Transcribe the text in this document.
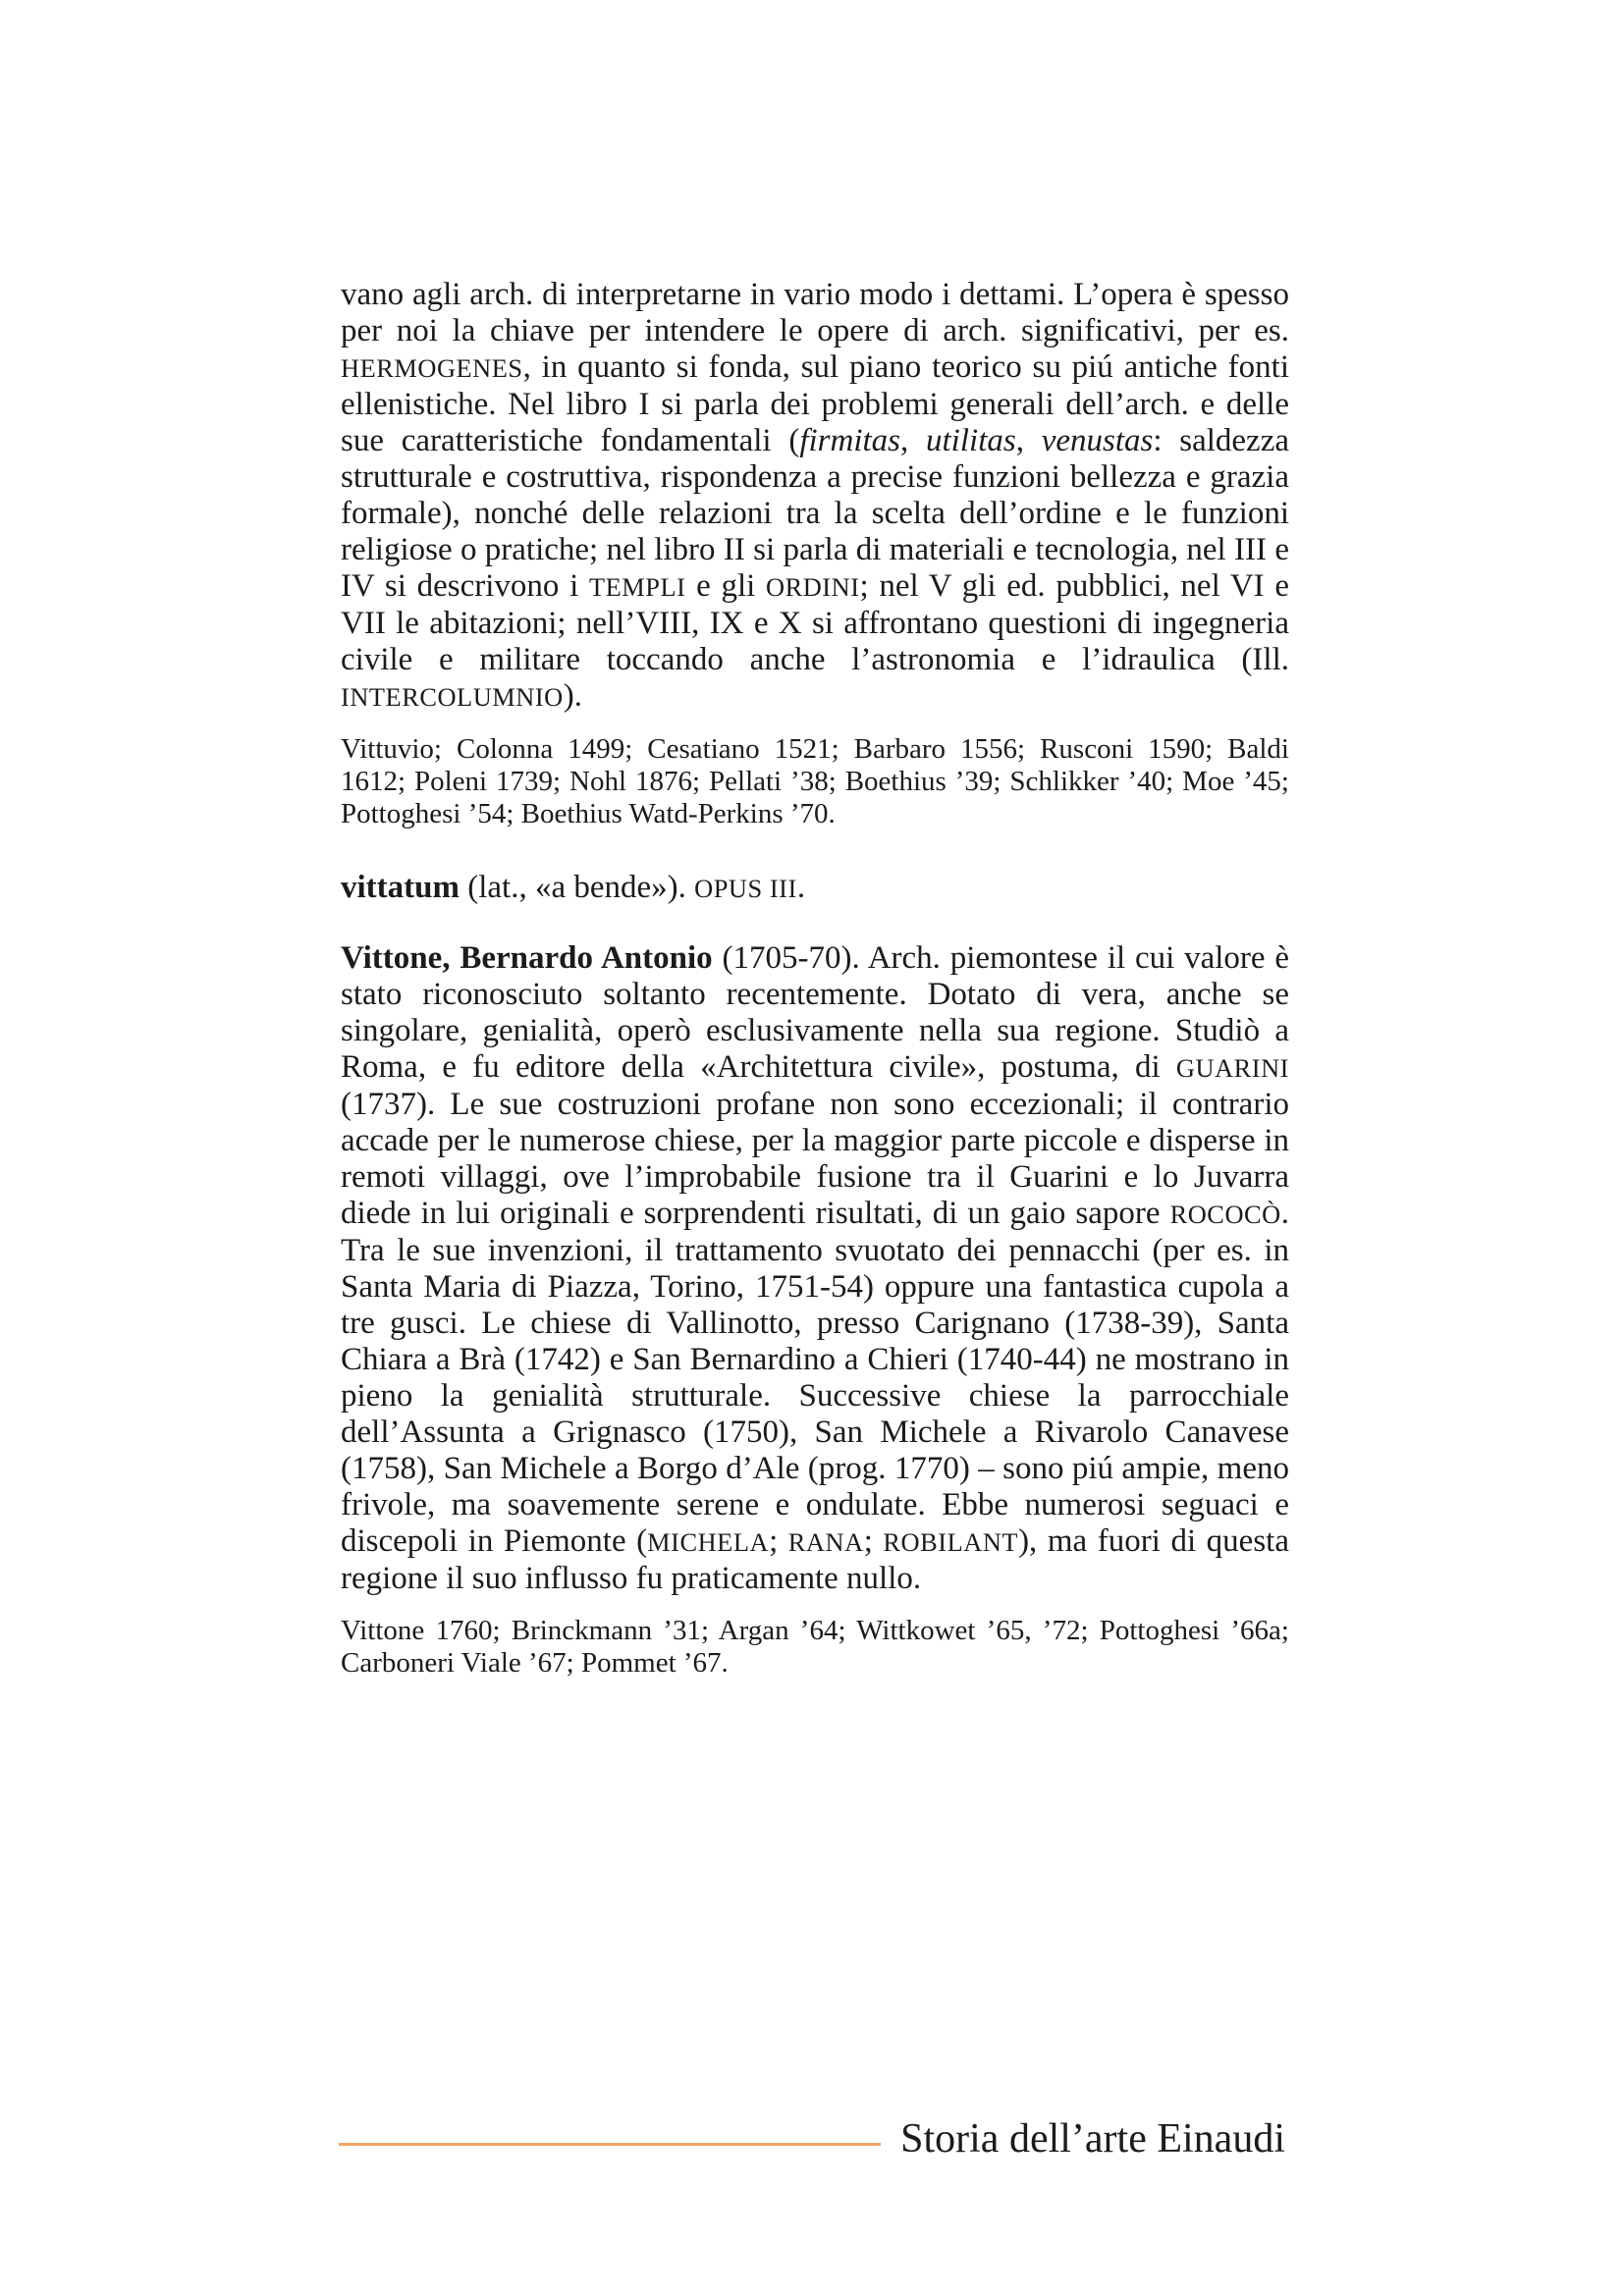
vano agli arch. di interpretarne in vario modo i dettami. L’opera è spesso per noi la chiave per intendere le opere di arch. significativi, per es. HERMOGENES, in quanto si fonda, sul piano teorico su piú antiche fonti ellenistiche. Nel libro I si parla dei problemi generali dell’arch. e delle sue caratteristiche fondamentali (firmitas, utilitas, venustas: saldezza strutturale e costruttiva, rispondenza a precise funzioni bellezza e grazia formale), nonché delle relazioni tra la scelta dell’ordine e le funzioni religiose o pratiche; nel libro II si parla di materiali e tecnologia, nel III e IV si descrivono i TEMPLI e gli ORDINI; nel V gli ed. pubblici, nel VI e VII le abitazioni; nell’VIII, IX e X si affrontano questioni di ingegneria civile e militare toccando anche l’astronomia e l’idraulica (Ill. INTERCOLUMNIO).

Vittuvio; Colonna 1499; Cesatiano 1521; Barbaro 1556; Rusconi 1590; Baldi 1612; Poleni 1739; Nohl 1876; Pellati ’38; Boethius ’39; Schlikker ’40; Moe ’45; Pottoghesi ’54; Boethius Watd-Perkins ’70.

vittatum (lat., «a bende»). OPUS III.

Vittone, Bernardo Antonio (1705-70). Arch. piemontese il cui valore è stato riconosciuto soltanto recentemente. Dotato di vera, anche se singolare, genialità, operò esclusivamente nella sua regione. Studiò a Roma, e fu editore della «Architettura civile», postuma, di GUARINI (1737). Le sue costruzioni profane non sono eccezionali; il contrario accade per le numerose chiese, per la maggior parte piccole e disperse in remoti villaggi, ove l’improbabile fusione tra il Guarini e lo Juvarra diede in lui originali e sorprendenti risultati, di un gaio sapore ROCOCÒ. Tra le sue invenzioni, il trattamento svuotato dei pennacchi (per es. in Santa Maria di Piazza, Torino, 1751-54) oppure una fantastica cupola a tre gusci. Le chiese di Vallinotto, presso Carignano (1738-39), Santa Chiara a Brà (1742) e San Bernardino a Chieri (1740-44) ne mostrano in pieno la genialità strutturale. Successive chiese la parrocchiale dell’Assunta a Grignasco (1750), San Michele a Rivarolo Canavese (1758), San Michele a Borgo d’Ale (prog. 1770) – sono piú ampie, meno frivole, ma soavemente serene e ondulate. Ebbe numerosi seguaci e discepoli in Piemonte (MICHELA; RANA; ROBILANT), ma fuori di questa regione il suo influsso fu praticamente nullo.

Vittone 1760; Brinckmann ’31; Argan ’64; Wittkowet ’65, ’72; Pottoghesi ’66a; Carboneri Viale ’67; Pommet ’67.

Storia dell’arte Einaudi
